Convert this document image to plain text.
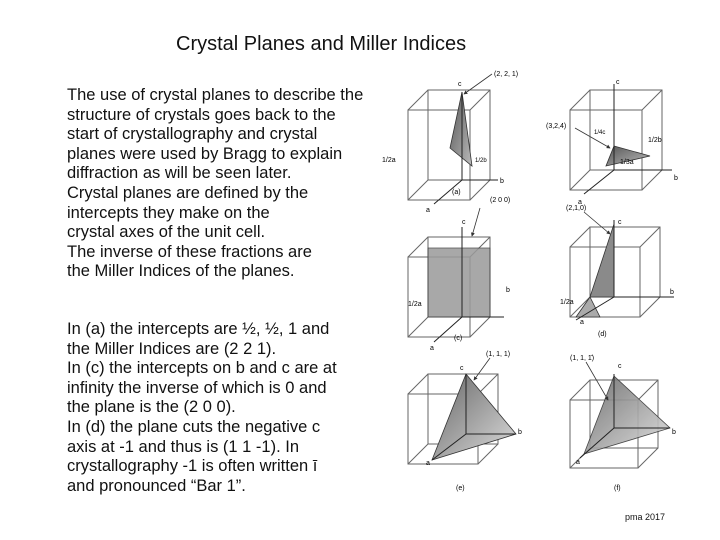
Crystal Planes and Miller Indices
The use of crystal planes to describe the
structure of crystals goes back to the
start of crystallography and crystal
planes were used by Bragg to explain
diffraction as will be seen later.
Crystal planes are defined by the
intercepts they make on the
crystal axes of the unit cell.
The inverse of these fractions are
the Miller Indices of the planes.
In (a) the intercepts are ½, ½, 1 and
the Miller Indices are (2 2 1).
In (c) the intercepts on b and c are at
infinity the inverse of which is 0 and
the plane is the (2 0 0).
In (d) the plane cuts the negative c
axis at -1 and thus is (1 1 -1). In
crystallography -1 is often written ī
and pronounced “Bar 1”.
(2, 2, 1)
c
b
a
1/2a	1/2b
(a)
(3,2,4)
c
b
a
1/4c
1/2b
1/3a
(2 0 0)
c
b
a
1/2a
(c)
(2,1,0)
c
b
a
1/2a
(d)
(1, 1, 1)
c
b
a
(e)
(1, 1, 1̄)
c
b
a
(f)
pma 2017
